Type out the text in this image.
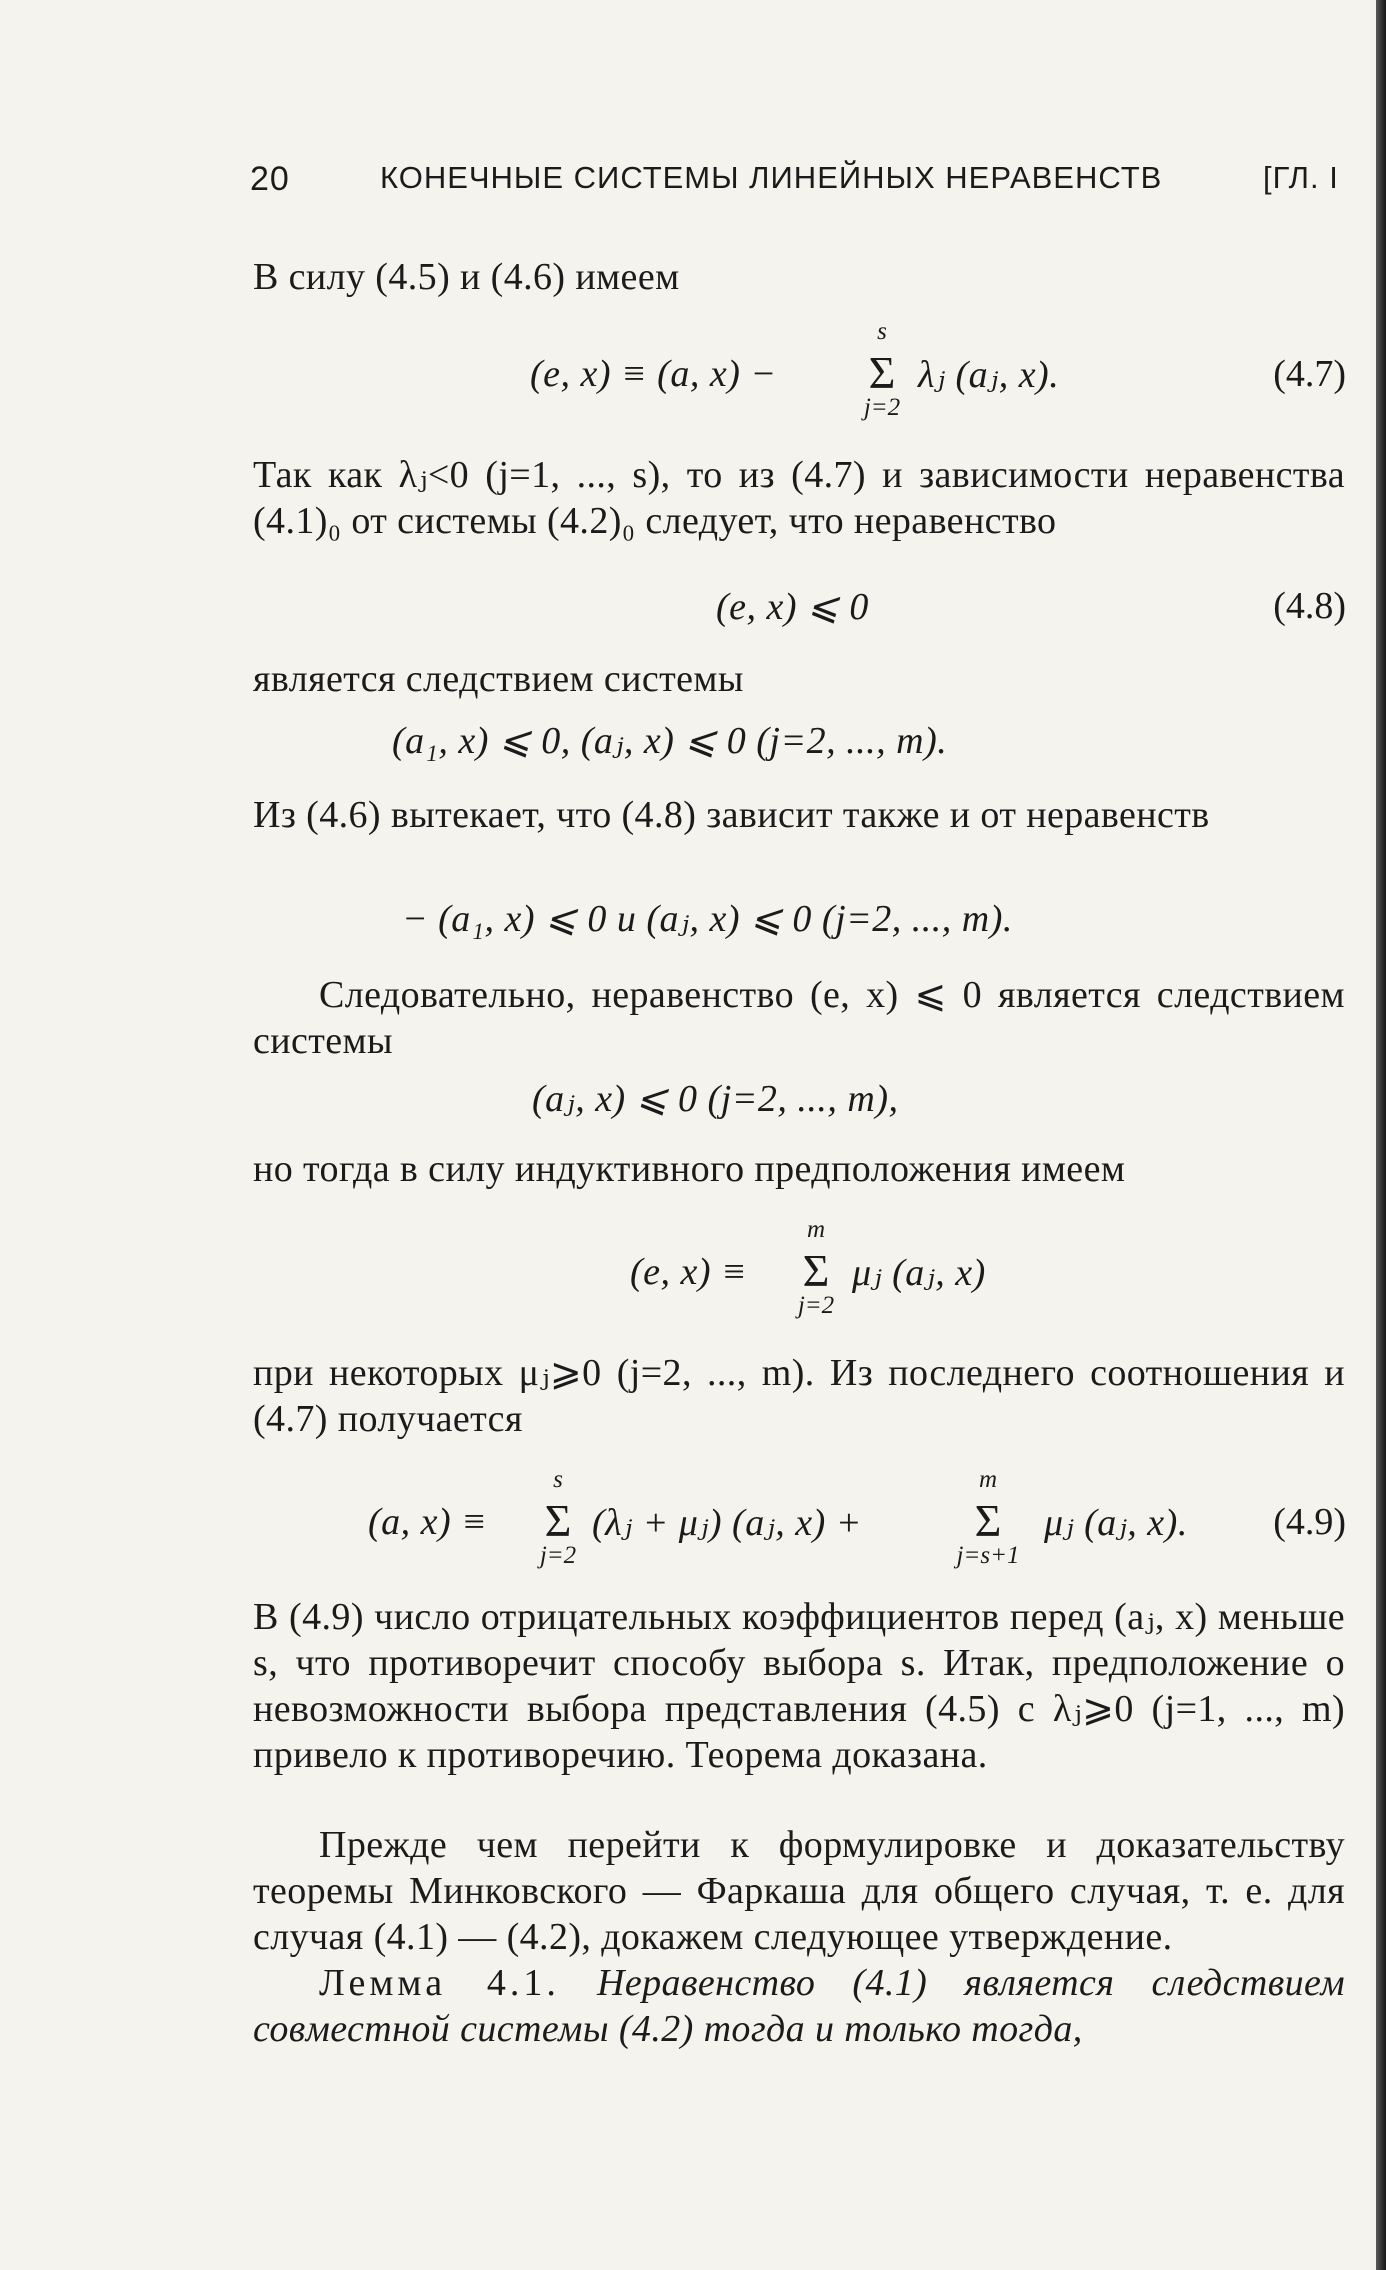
20	КОНЕЧНЫЕ СИСТЕМЫ ЛИНЕЙНЫХ НЕРАВЕНСТВ	[ГЛ. I
В силу (4.5) и (4.6) имеем
(e, x) ≡ (a, x) −
s
Σ
j=2
λⱼ (aⱼ, x).	(4.7)
Так как λⱼ<0 (j=1, ..., s), то из (4.7) и зависимости неравенства (4.1)₀ от системы (4.2)₀ следует, что неравенство
(e, x) ⩽ 0	(4.8)
является следствием системы
(a₁, x) ⩽ 0, (aⱼ, x) ⩽ 0 (j=2, ..., m).
Из (4.6) вытекает, что (4.8) зависит также и от неравенств
− (a₁, x) ⩽ 0 и (aⱼ, x) ⩽ 0 (j=2, ..., m).
Следовательно, неравенство (e, x) ⩽ 0 является следствием системы
(aⱼ, x) ⩽ 0 (j=2, ..., m),
но тогда в силу индуктивного предположения имеем
(e, x) ≡
m
Σ
j=2
μⱼ (aⱼ, x)
при некоторых μⱼ⩾0 (j=2, ..., m). Из последнего соотношения и (4.7) получается
(a, x) ≡
s
Σ
j=2
(λⱼ + μⱼ) (aⱼ, x) +
m
Σ
j=s+1
μⱼ (aⱼ, x). (4.9)
В (4.9) число отрицательных коэффициентов перед (aⱼ, x) меньше s, что противоречит способу выбора s. Итак, предположение о невозможности выбора представления (4.5) с λⱼ⩾0 (j=1, ..., m) привело к противоречию. Теорема доказана.
Прежде чем перейти к формулировке и доказательству теоремы Минковского — Фаркаша для общего случая, т. е. для случая (4.1) — (4.2), докажем следующее утверждение.
Лемма 4.1. Неравенство (4.1) является следствием совместной системы (4.2) тогда и только тогда,
